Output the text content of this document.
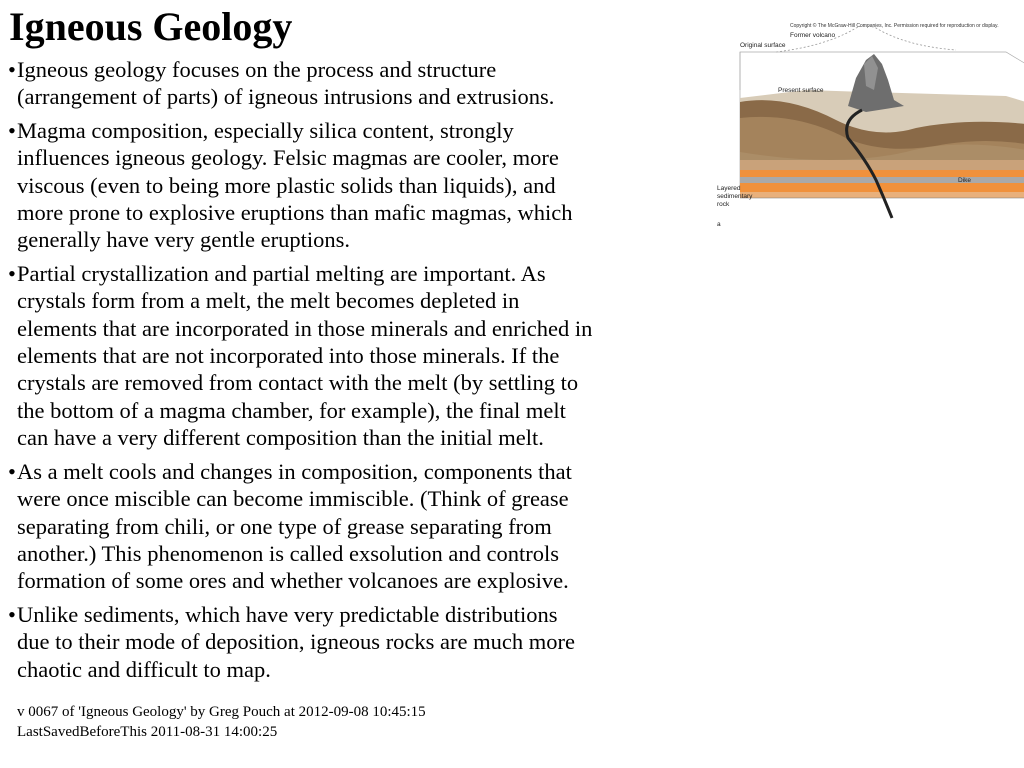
Igneous Geology
• Igneous geology focuses on the process and structure
(arrangement of parts) of igneous intrusions and extrusions.
• Magma composition, especially silica content, strongly
influences igneous geology. Felsic magmas are cooler, more
viscous (even to being more plastic solids than liquids), and
more prone to explosive eruptions than mafic magmas, which
generally have very gentle eruptions.
• Partial crystallization and partial melting are important. As
crystals form from a melt, the melt becomes depleted in
elements that are incorporated in those minerals and enriched in
elements that are not incorporated into those minerals. If the
crystals are removed from contact with the melt (by settling to
the bottom of a magma chamber, for example), the final melt
can have a very different composition than the initial melt.
• As a melt cools and changes in composition, components that
were once miscible can become immiscible. (Think of grease
separating from chili, or one type of grease separating from
another.) This phenomenon is called exsolution and controls
formation of some ores and whether volcanoes are explosive.
• Unlike sediments, which have very predictable distributions
due to their mode of deposition, igneous rocks are much more
chaotic and difficult to map.
v 0067 of 'Igneous Geology' by Greg Pouch at 2012-09-08 10:45:15
LastSavedBeforeThis 2011-08-31 14:00:25
Copyright © The McGraw-Hill Companies, Inc. Permission required for reproduction or display.
Former volcano
Original surface
Present surface
Dike
Layered
sedimentary
rock
a
